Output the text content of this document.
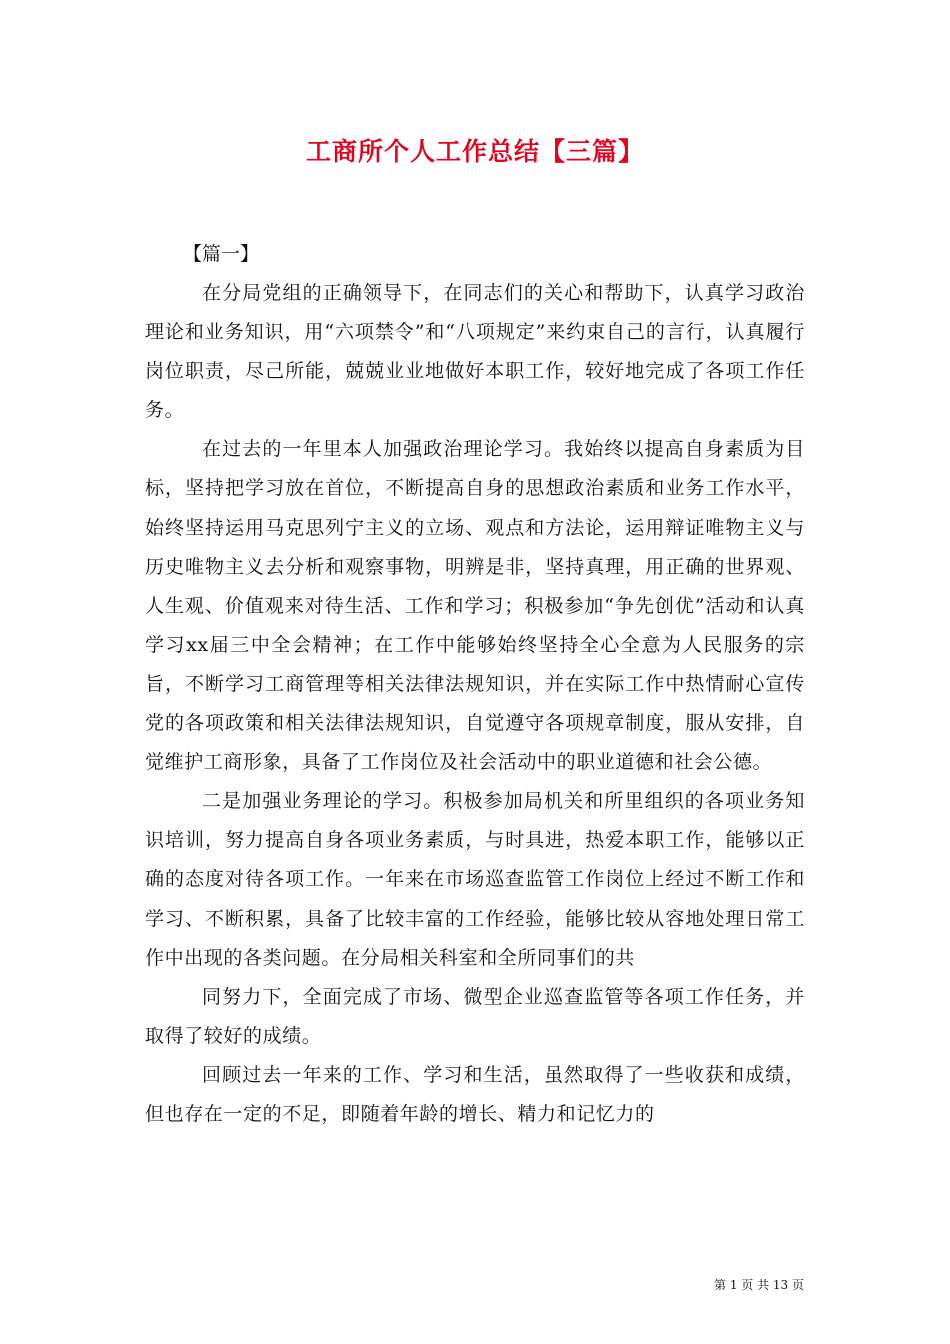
工商所个人工作总结【三篇】

【篇一】

在分局党组的正确领导下，在同志们的关心和帮助下，认真学习政治理论和业务知识，用“六项禁令”和“八项规定”来约束自己的言行，认真履行岗位职责，尽己所能，兢兢业业地做好本职工作，较好地完成了各项工作任务。

在过去的一年里本人加强政治理论学习。我始终以提高自身素质为目标，坚持把学习放在首位，不断提高自身的思想政治素质和业务工作水平，始终坚持运用马克思列宁主义的立场、观点和方法论，运用辩证唯物主义与历史唯物主义去分析和观察事物，明辨是非，坚持真理，用正确的世界观、人生观、价值观来对待生活、工作和学习；积极参加“争先创优”活动和认真学习xx届三中全会精神；在工作中能够始终坚持全心全意为人民服务的宗旨，不断学习工商管理等相关法律法规知识，并在实际工作中热情耐心宣传党的各项政策和相关法律法规知识，自觉遵守各项规章制度，服从安排，自觉维护工商形象，具备了工作岗位及社会活动中的职业道德和社会公德。

二是加强业务理论的学习。积极参加局机关和所里组织的各项业务知识培训，努力提高自身各项业务素质，与时具进，热爱本职工作，能够以正确的态度对待各项工作。一年来在市场巡查监管工作岗位上经过不断工作和学习、不断积累，具备了比较丰富的工作经验，能够比较从容地处理日常工作中出现的各类问题。在分局相关科室和全所同事们的共

同努力下，全面完成了市场、微型企业巡查监管等各项工作任务，并取得了较好的成绩。

回顾过去一年来的工作、学习和生活，虽然取得了一些收获和成绩，但也存在一定的不足，即随着年龄的增长、精力和记忆力的

第 1 页 共 13 页
